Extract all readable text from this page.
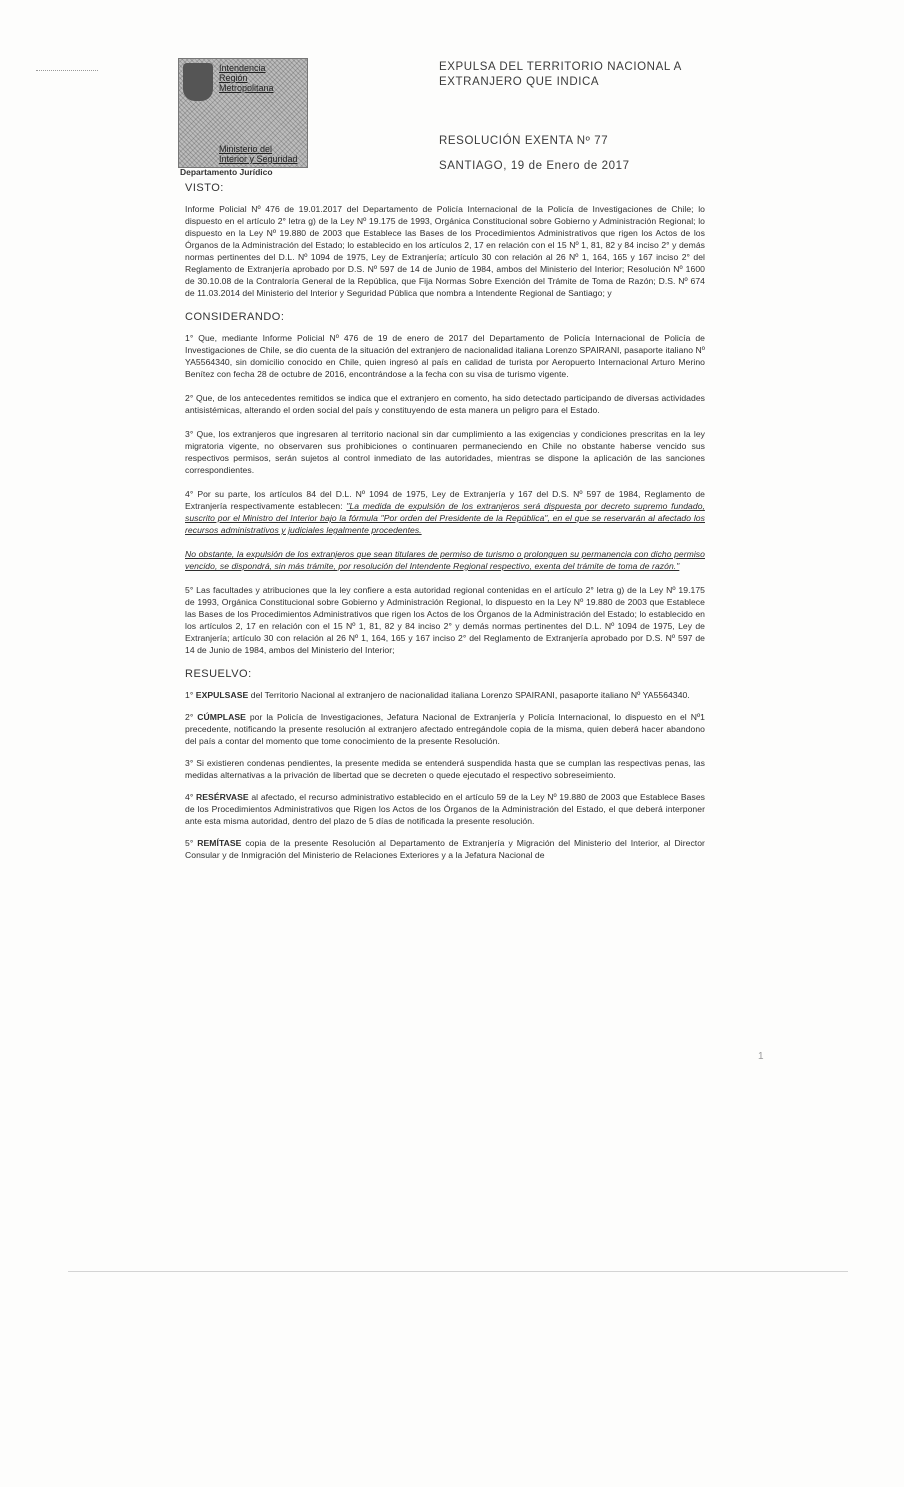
Intendencia
Región
Metropolitana
Ministerio del
Interior y Seguridad
Departamento Jurídico
EXPULSA DEL TERRITORIO NACIONAL A
EXTRANJERO QUE INDICA
RESOLUCIÓN EXENTA Nº 77
SANTIAGO, 19 de Enero de 2017
VISTO:

Informe Policial Nº 476 de 19.01.2017 del Departamento de Policía Internacional de la Policía de Investigaciones de Chile; lo dispuesto en el artículo 2° letra g) de la Ley Nº 19.175 de 1993, Orgánica Constitucional sobre Gobierno y Administración Regional; lo dispuesto en la Ley Nº 19.880 de 2003 que Establece las Bases de los Procedimientos Administrativos que rigen los Actos de los Órganos de la Administración del Estado; lo establecido en los artículos 2, 17 en relación con el 15 Nº 1, 81, 82 y 84 inciso 2° y demás normas pertinentes del D.L. Nº 1094 de 1975, Ley de Extranjería; artículo 30 con relación al 26 Nº 1, 164, 165 y 167 inciso 2° del Reglamento de Extranjería aprobado por D.S. Nº 597 de 14 de Junio de 1984, ambos del Ministerio del Interior; Resolución Nº 1600 de 30.10.08 de la Contraloría General de la República, que Fija Normas Sobre Exención del Trámite de Toma de Razón; D.S. Nº 674 de 11.03.2014 del Ministerio del Interior y Seguridad Pública que nombra a Intendente Regional de Santiago; y

CONSIDERANDO:

1° Que, mediante Informe Policial Nº 476 de 19 de enero de 2017 del Departamento de Policía Internacional de Policía de Investigaciones de Chile, se dio cuenta de la situación del extranjero de nacionalidad italiana Lorenzo SPAIRANI, pasaporte italiano Nº YA5564340, sin domicilio conocido en Chile, quien ingresó al país en calidad de turista por Aeropuerto Internacional Arturo Merino Benítez con fecha 28 de octubre de 2016, encontrándose a la fecha con su visa de turismo vigente.

2° Que, de los antecedentes remitidos se indica que el extranjero en comento, ha sido detectado participando de diversas actividades antisistémicas, alterando el orden social del país y constituyendo de esta manera un peligro para el Estado.

3° Que, los extranjeros que ingresaren al territorio nacional sin dar cumplimiento a las exigencias y condiciones prescritas en la ley migratoria vigente, no observaren sus prohibiciones o continuaren permaneciendo en Chile no obstante haberse vencido sus respectivos permisos, serán sujetos al control inmediato de las autoridades, mientras se dispone la aplicación de las sanciones correspondientes.

4° Por su parte, los artículos 84 del D.L. Nº 1094 de 1975, Ley de Extranjería y 167 del D.S. Nº 597 de 1984, Reglamento de Extranjería respectivamente establecen: "La medida de expulsión de los extranjeros será dispuesta por decreto supremo fundado, suscrito por el Ministro del Interior bajo la fórmula "Por orden del Presidente de la República", en el que se reservarán al afectado los recursos administrativos y judiciales legalmente procedentes.

No obstante, la expulsión de los extranjeros que sean titulares de permiso de turismo o prolonguen su permanencia con dicho permiso vencido, se dispondrá, sin más trámite, por resolución del Intendente Regional respectivo, exenta del trámite de toma de razón."

5° Las facultades y atribuciones que la ley confiere a esta autoridad regional contenidas en el artículo 2° letra g) de la Ley Nº 19.175 de 1993, Orgánica Constitucional sobre Gobierno y Administración Regional, lo dispuesto en la Ley Nº 19.880 de 2003 que Establece las Bases de los Procedimientos Administrativos que rigen los Actos de los Órganos de la Administración del Estado; lo establecido en los artículos 2, 17 en relación con el 15 Nº 1, 81, 82 y 84 inciso 2° y demás normas pertinentes del D.L. Nº 1094 de 1975, Ley de Extranjería; artículo 30 con relación al 26 Nº 1, 164, 165 y 167 inciso 2° del Reglamento de Extranjería aprobado por D.S. Nº 597 de 14 de Junio de 1984, ambos del Ministerio del Interior;

RESUELVO:

1° EXPULSASE del Territorio Nacional al extranjero de nacionalidad italiana Lorenzo SPAIRANI, pasaporte italiano Nº YA5564340.

2° CÚMPLASE por la Policía de Investigaciones, Jefatura Nacional de Extranjería y Policía Internacional, lo dispuesto en el Nº1 precedente, notificando la presente resolución al extranjero afectado entregándole copia de la misma, quien deberá hacer abandono del país a contar del momento que tome conocimiento de la presente Resolución.

3° Si existieren condenas pendientes, la presente medida se entenderá suspendida hasta que se cumplan las respectivas penas, las medidas alternativas a la privación de libertad que se decreten o quede ejecutado el respectivo sobreseimiento.

4° RESÉRVASE al afectado, el recurso administrativo establecido en el artículo 59 de la Ley Nº 19.880 de 2003 que Establece Bases de los Procedimientos Administrativos que Rigen los Actos de los Órganos de la Administración del Estado, el que deberá interponer ante esta misma autoridad, dentro del plazo de 5 días de notificada la presente resolución.

5° REMÍTASE copia de la presente Resolución al Departamento de Extranjería y Migración del Ministerio del Interior, al Director Consular y de Inmigración del Ministerio de Relaciones Exteriores y a la Jefatura Nacional de

1
